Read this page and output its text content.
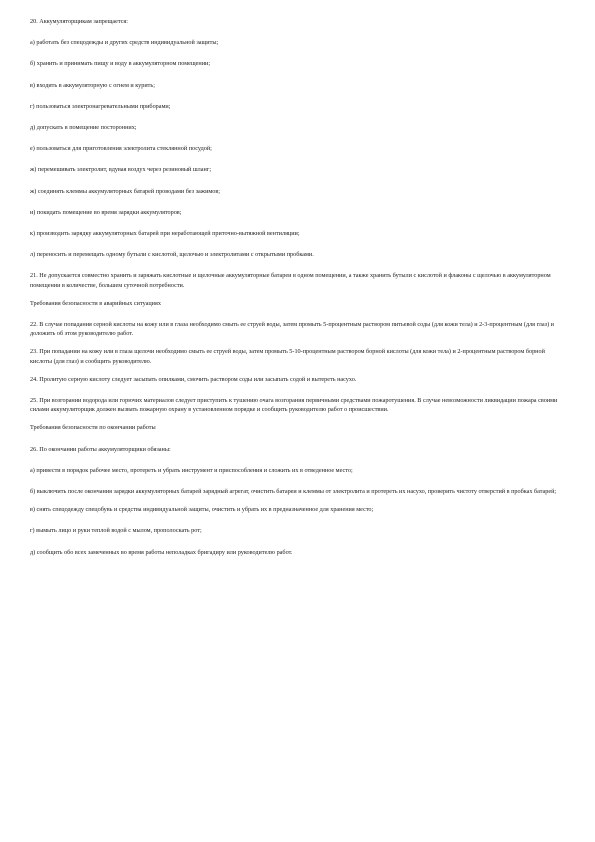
20. Аккумуляторщикам запрещается:

а) работать без спецодежды и других средств индивидуальной защиты;

б) хранить и принимать пищу и воду в аккумуляторном помещении;

в) входить в аккумуляторную с огнем и курить;

г) пользоваться электронагревательными приборами;

д) допускать в помещение посторонних;

е) пользоваться для приготовления электролита стеклянной посудой;

ж) перемешивать электролит, вдувая воздух через резиновый шланг;

ж) соединять клеммы аккумуляторных батарей проводами без зажимов;

и) покидать помещение во время зарядки аккумуляторов;

к) производить зарядку аккумуляторных батарей при неработающей приточно-вытяжной вентиляции;

л) переносить и перемещать одному бутыли с кислотой, щелочью и электролитами с открытыми пробками.

21. Не допускается совместно хранить и заряжать кислотные и щелочные аккумуляторные батареи в одном помещении, а также хранить бутыли с кислотой и флаконы с щелочью в аккумуляторном помещении в количестве, большем суточной потребности.

Требования безопасности в аварийных ситуациях

22. В случае попадания серной кислоты на кожу или в глаза необходимо смыть ее струей воды, затем промыть 5-процентным раствором питьевой соды (для кожи тела) и 2-3-процентным (для глаз) и доложить об этом руководителю работ.

23. При попадании на кожу или в глаза щелочи необходимо смыть ее струей воды, затем промыть 5-10-процентным раствором борной кислоты (для кожи тела) и 2-процентным раствором борной кислоты (для глаз) и сообщить руководителю.

24. Пролитую серную кислоту следует засыпать опилками, смочить раствором соды или засыпать содой и вытереть насухо.

25. При возгорании водорода или горючих материалов следует приступить к тушению очага возгорания первичными средствами пожаротушения. В случае невозможности ликвидации пожара своими силами аккумуляторщик должен вызвать пожарную охрану в установленном порядке и сообщить руководителю работ о происшествии.

Требования безопасности по окончании работы

26. По окончании работы аккумуляторщики обязаны:

а) привести в порядок рабочее место, протереть и убрать инструмент и приспособления и сложить их в отведенное место;

б) выключить после окончания зарядки аккумуляторных батарей зарядный агрегат, очистить батареи и клеммы от электролита и протереть их насухо, проверить чистоту отверстий в пробках батарей;

в) снять спецодежду спецобувь и средства индивидуальной защиты, очистить и убрать их в предназначенное для хранения место;

г) вымыть лицо и руки теплой водой с мылом, прополоскать рот;

д) сообщить обо всех замеченных во время работы неполадках бригадиру или руководителю работ.
